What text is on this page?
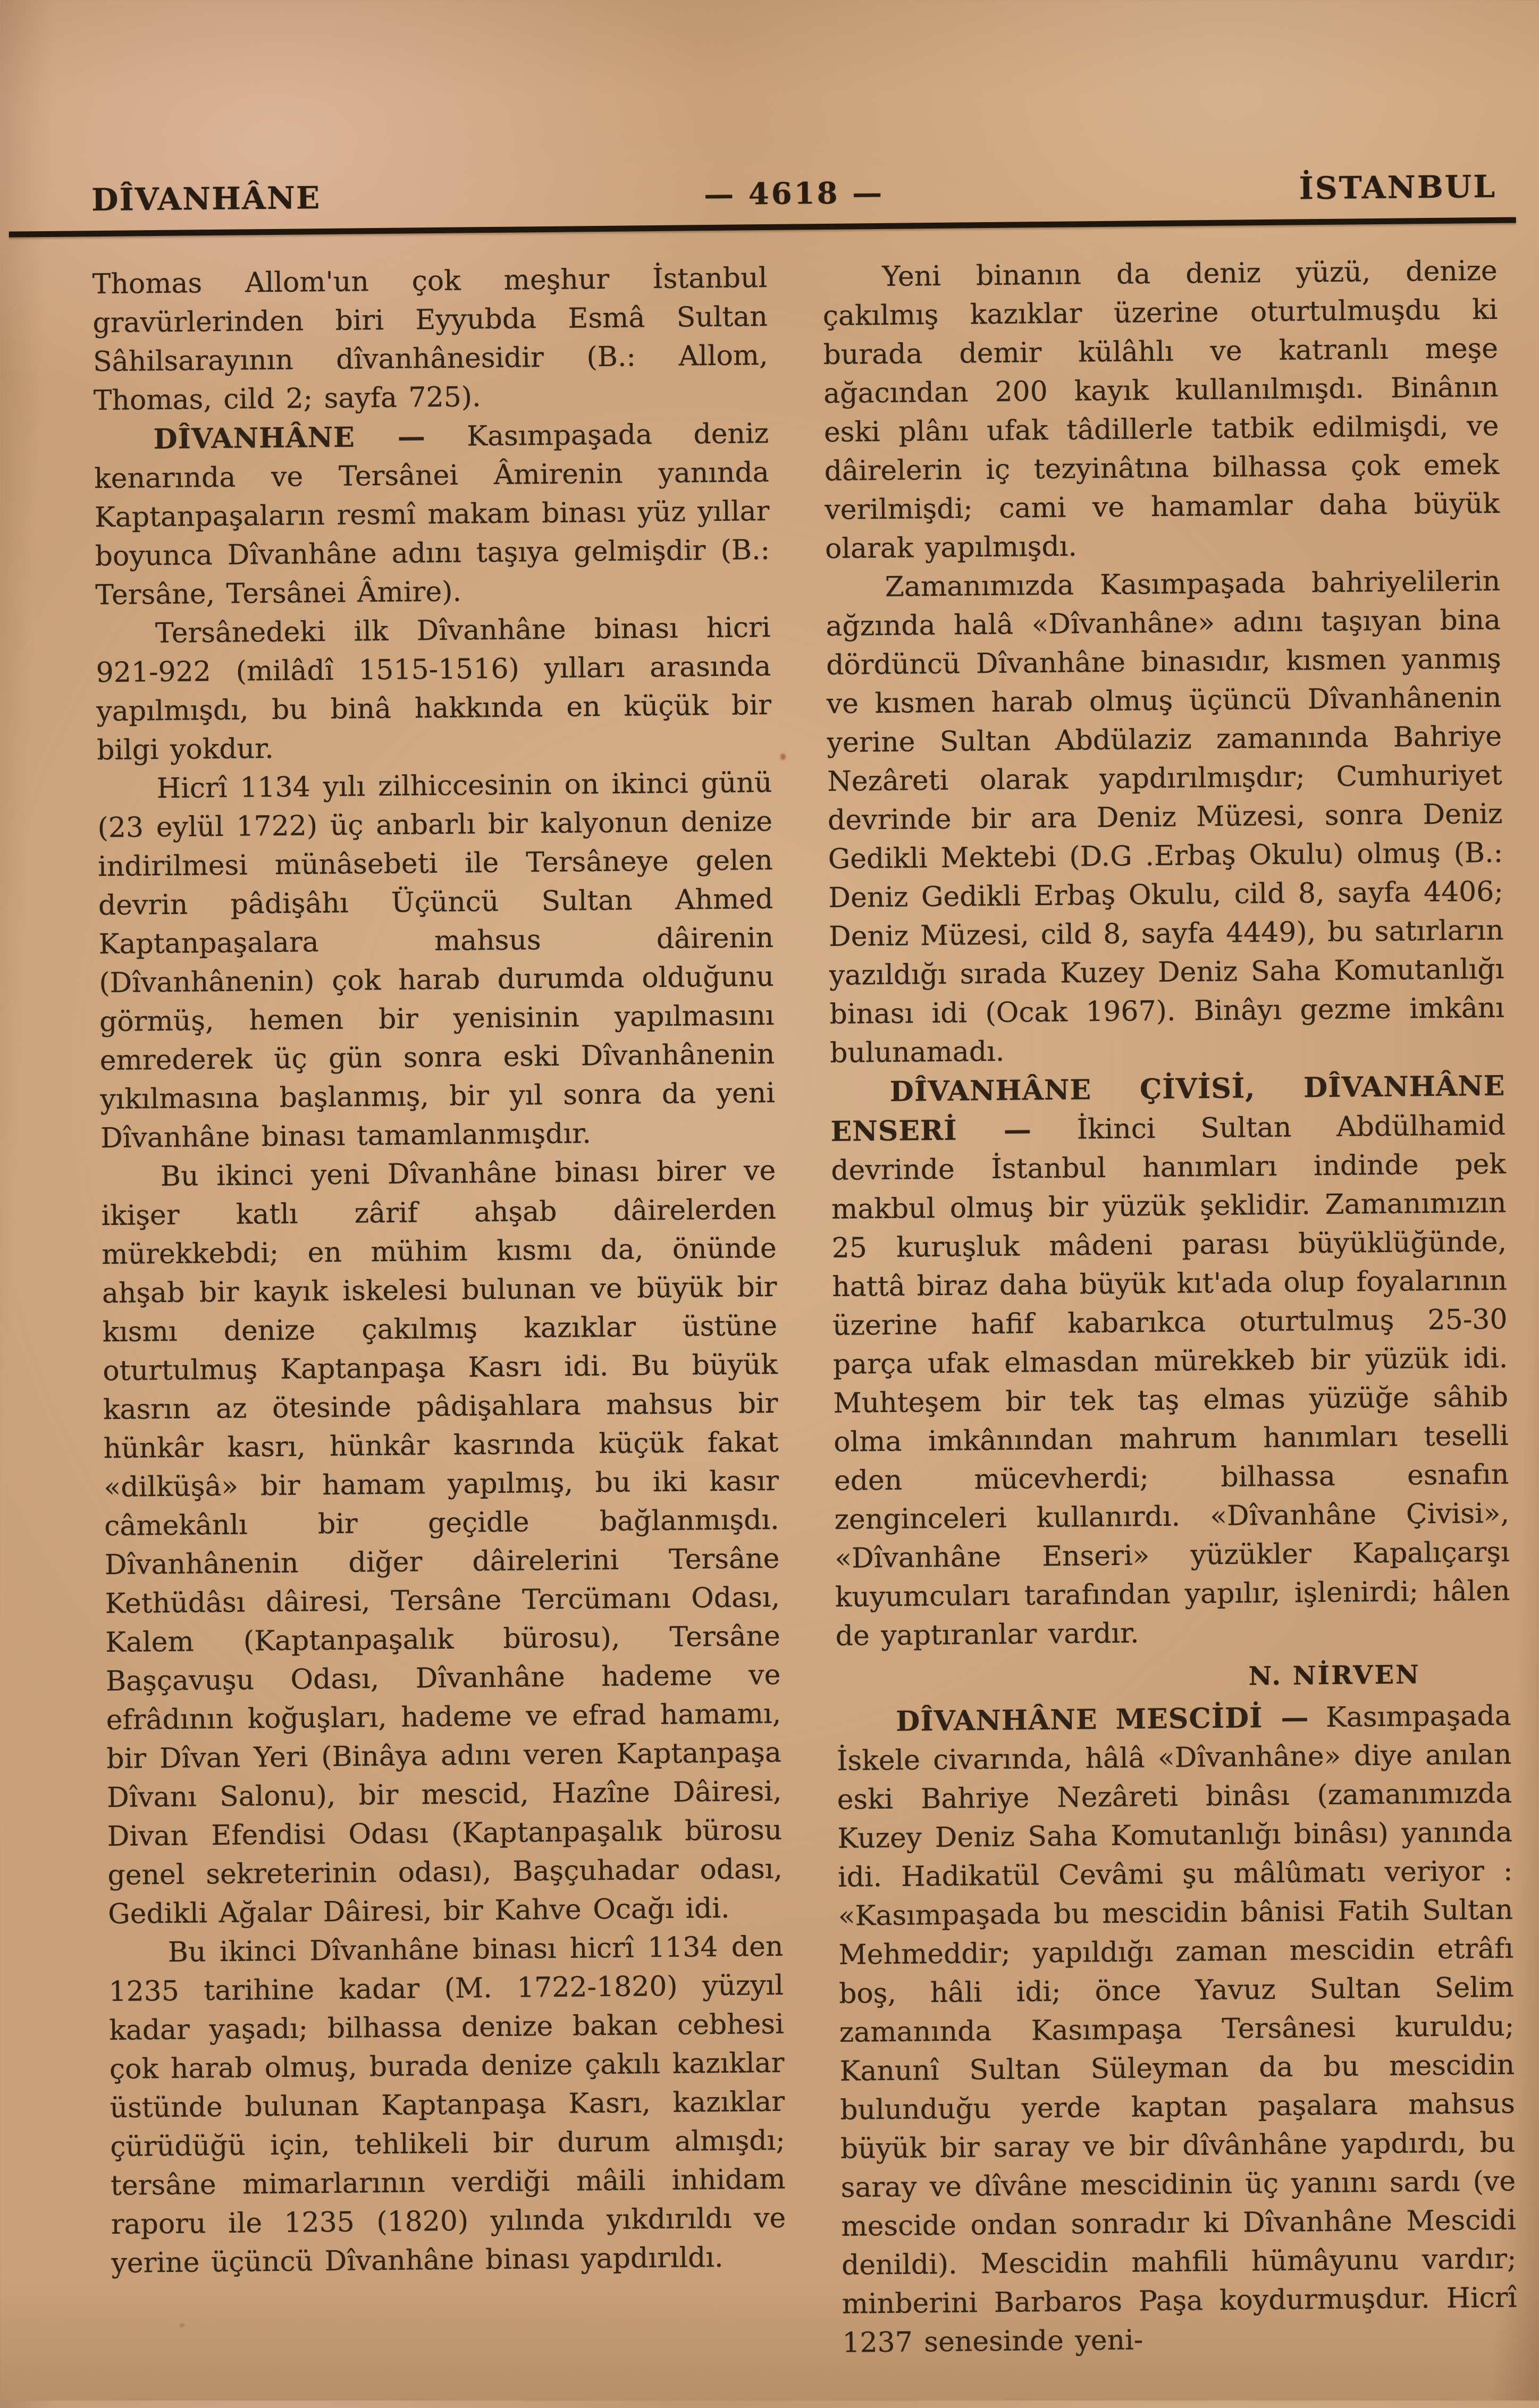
DÎVANHÂNE	— 4618 —	İSTANBUL

Thomas Allom'un çok meşhur İstanbul gravürlerinden biri Eyyubda Esmâ Sultan Sâhilsarayının dîvanhânesidir (B.: Allom, Thomas, cild 2; sayfa 725).

DÎVANHÂNE — Kasımpaşada deniz kenarında ve Tersânei Âmirenin yanında Kaptanpaşaların resmî makam binası yüz yıllar boyunca Dîvanhâne adını taşıya gelmişdir (B.: Tersâne, Tersânei Âmire).

Tersânedeki ilk Dîvanhâne binası hicri 921-922 (milâdî 1515-1516) yılları arasında yapılmışdı, bu binâ hakkında en küçük bir bilgi yokdur.

Hicrî 1134 yılı zilhiccesinin on ikinci günü (23 eylül 1722) üç anbarlı bir kalyonun denize indirilmesi münâsebeti ile Tersâneye gelen devrin pâdişâhı Üçüncü Sultan Ahmed Kaptanpaşalara mahsus dâirenin (Dîvanhânenin) çok harab durumda olduğunu görmüş, hemen bir yenisinin yapılmasını emrederek üç gün sonra eski Dîvanhânenin yıkılmasına başlanmış, bir yıl sonra da yeni Dîvanhâne binası tamamlanmışdır.

Bu ikinci yeni Dîvanhâne binası birer ve ikişer katlı zârif ahşab dâirelerden mürekkebdi; en mühim kısmı da, önünde ahşab bir kayık iskelesi bulunan ve büyük bir kısmı denize çakılmış kazıklar üstüne oturtulmuş Kaptanpaşa Kasrı idi. Bu büyük kasrın az ötesinde pâdişahlara mahsus bir hünkâr kasrı, hünkâr kasrında küçük fakat «dilküşâ» bir hamam yapılmış, bu iki kasır câmekânlı bir geçidle bağlanmışdı. Dîvanhânenin diğer dâirelerini Tersâne Kethüdâsı dâiresi, Tersâne Tercümanı Odası, Kalem (Kaptanpaşalık bürosu), Tersâne Başçavuşu Odası, Dîvanhâne hademe ve efrâdının koğuşları, hademe ve efrad hamamı, bir Dîvan Yeri (Binâya adını veren Kaptanpaşa Dîvanı Salonu), bir mescid, Hazîne Dâiresi, Divan Efendisi Odası (Kaptanpaşalık bürosu genel sekreterinin odası), Başçuhadar odası, Gedikli Ağalar Dâiresi, bir Kahve Ocağı idi.

Bu ikinci Dîvanhâne binası hicrî 1134 den 1235 tarihine kadar (M. 1722-1820) yüzyıl kadar yaşadı; bilhassa denize bakan cebhesi çok harab olmuş, burada denize çakılı kazıklar üstünde bulunan Kaptanpaşa Kasrı, kazıklar çürüdüğü için, tehlikeli bir durum almışdı; tersâne mimarlarının verdiği mâili inhidam raporu ile 1235 (1820) yılında yıkdırıldı ve yerine üçüncü Dîvanhâne binası yapdırıldı.

Yeni binanın da deniz yüzü, denize çakılmış kazıklar üzerine oturtulmuşdu ki burada demir külâhlı ve katranlı meşe ağacından 200 kayık kullanılmışdı. Binânın eski plânı ufak tâdillerle tatbik edilmişdi, ve dâirelerin iç tezyinâtına bilhassa çok emek verilmişdi; cami ve hamamlar daha büyük olarak yapılmışdı.

Zamanımızda Kasımpaşada bahriyelilerin ağzında halâ «Dîvanhâne» adını taşıyan bina dördüncü Dîvanhâne binasıdır, kısmen yanmış ve kısmen harab olmuş üçüncü Dîvanhânenin yerine Sultan Abdülaziz zamanında Bahriye Nezâreti olarak yapdırılmışdır; Cumhuriyet devrinde bir ara Deniz Müzesi, sonra Deniz Gedikli Mektebi (D.G .Erbaş Okulu) olmuş (B.: Deniz Gedikli Erbaş Okulu, cild 8, sayfa 4406; Deniz Müzesi, cild 8, sayfa 4449), bu satırların yazıldığı sırada Kuzey Deniz Saha Komutanlığı binası idi (Ocak 1967). Binâyı gezme imkânı bulunamadı.

DÎVANHÂNE ÇİVİSİ, DÎVANHÂNE ENSERİ — İkinci Sultan Abdülhamid devrinde İstanbul hanımları indinde pek makbul olmuş bir yüzük şeklidir. Zamanımızın 25 kuruşluk mâdeni parası büyüklüğünde, hattâ biraz daha büyük kıt'ada olup foyalarının üzerine hafif kabarıkca oturtulmuş 25-30 parça ufak elmasdan mürekkeb bir yüzük idi. Muhteşem bir tek taş elmas yüzüğe sâhib olma imkânından mahrum hanımları teselli eden mücevherdi; bilhassa esnafın zenginceleri kullanırdı. «Dîvanhâne Çivisi», «Dîvanhâne Enseri» yüzükler Kapalıçarşı kuyumcuları tarafından yapılır, işlenirdi; hâlen de yaptıranlar vardır.

N. NİRVEN

DÎVANHÂNE MESCİDİ — Kasımpaşada İskele civarında, hâlâ «Dîvanhâne» diye anılan eski Bahriye Nezâreti binâsı (zamanımızda Kuzey Deniz Saha Komutanlığı binâsı) yanında idi. Hadikatül Cevâmi şu mâlûmatı veriyor : «Kasımpaşada bu mescidin bânisi Fatih Sultan Mehmeddir; yapıldığı zaman mescidin etrâfı boş, hâli idi; önce Yavuz Sultan Selim zamanında Kasımpaşa Tersânesi kuruldu; Kanunî Sultan Süleyman da bu mescidin bulunduğu yerde kaptan paşalara mahsus büyük bir saray ve bir dîvânhâne yapdırdı, bu saray ve dîvâne mescidinin üç yanını sardı (ve mescide ondan sonradır ki Dîvanhâne Mescidi denildi). Mescidin mahfili hümâyunu vardır; minberini Barbaros Paşa koydurmuşdur. Hicrî 1237 senesinde yeni-
